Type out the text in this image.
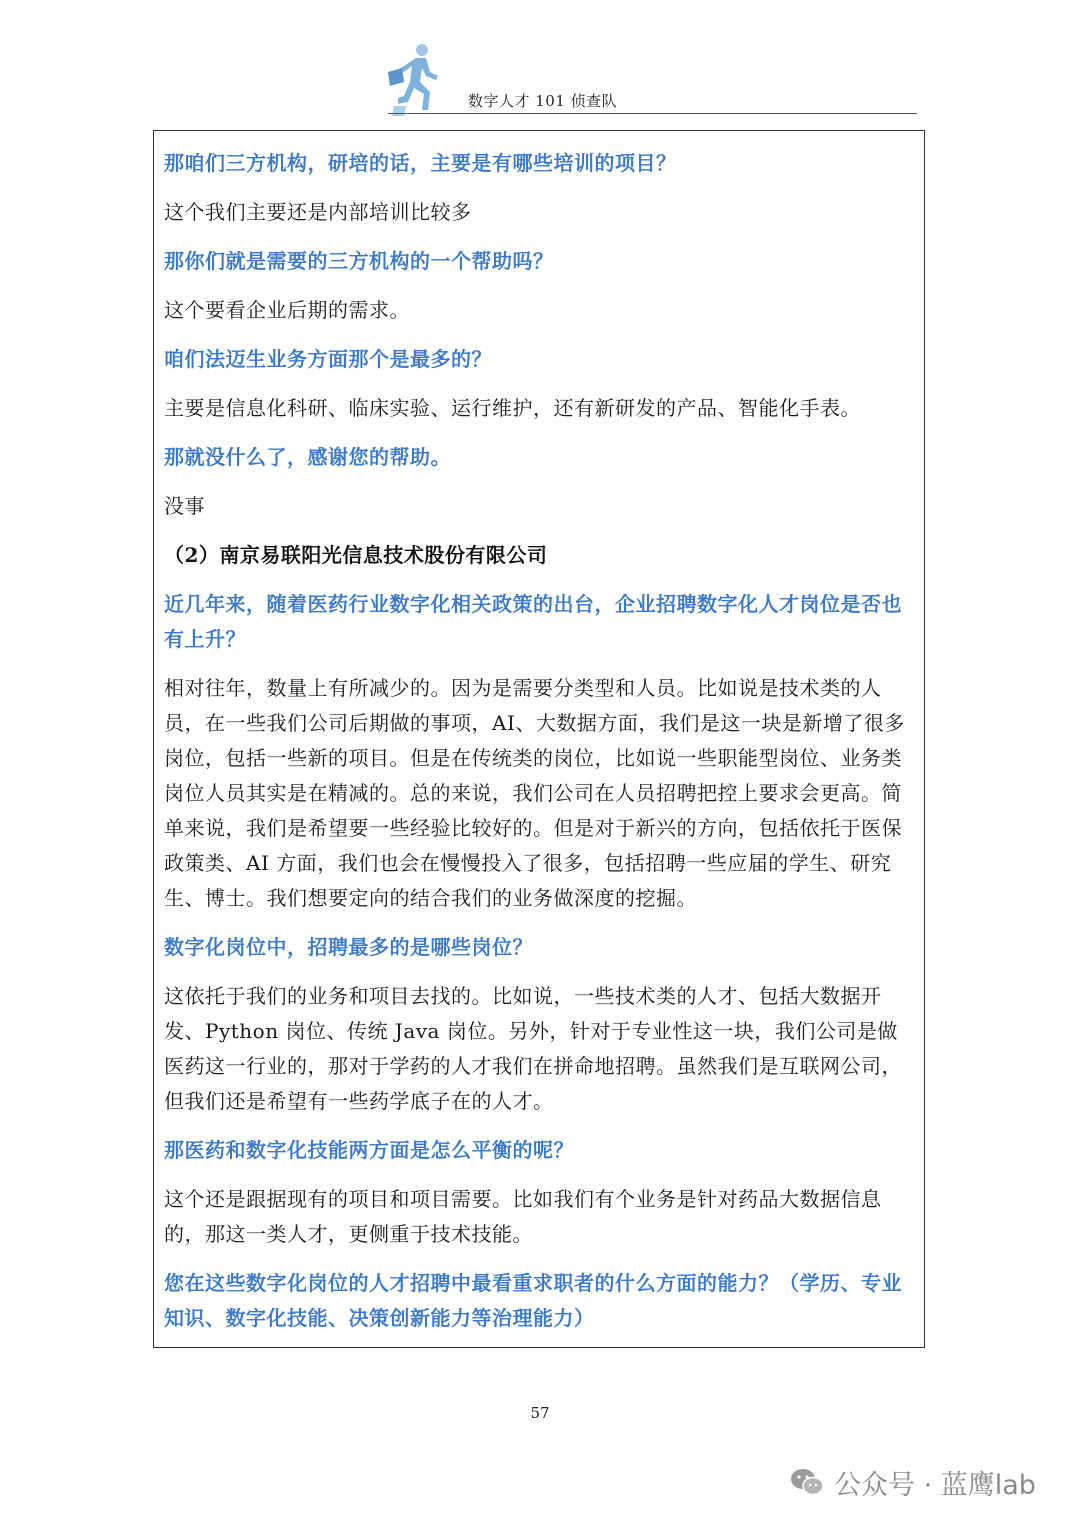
数字人才 101 侦查队

那咱们三方机构，研培的话，主要是有哪些培训的项目？

这个我们主要还是内部培训比较多

那你们就是需要的三方机构的一个帮助吗？

这个要看企业后期的需求。

咱们法迈生业务方面那个是最多的？

主要是信息化科研、临床实验、运行维护，还有新研发的产品、智能化手表。

那就没什么了，感谢您的帮助。

没事

（2）南京易联阳光信息技术股份有限公司

近几年来，随着医药行业数字化相关政策的出台，企业招聘数字化人才岗位是否也有上升？

相对往年，数量上有所减少的。因为是需要分类型和人员。比如说是技术类的人员，在一些我们公司后期做的事项，AI、大数据方面，我们是这一块是新增了很多岗位，包括一些新的项目。但是在传统类的岗位，比如说一些职能型岗位、业务类岗位人员其实是在精减的。总的来说，我们公司在人员招聘把控上要求会更高。简单来说，我们是希望要一些经验比较好的。但是对于新兴的方向，包括依托于医保政策类、AI 方面，我们也会在慢慢投入了很多，包括招聘一些应届的学生、研究生、博士。我们想要定向的结合我们的业务做深度的挖掘。

数字化岗位中，招聘最多的是哪些岗位？

这依托于我们的业务和项目去找的。比如说，一些技术类的人才、包括大数据开发、Python 岗位、传统 Java 岗位。另外，针对于专业性这一块，我们公司是做医药这一行业的，那对于学药的人才我们在拼命地招聘。虽然我们是互联网公司，但我们还是希望有一些药学底子在的人才。

那医药和数字化技能两方面是怎么平衡的呢？

这个还是跟据现有的项目和项目需要。比如我们有个业务是针对药品大数据信息的，那这一类人才，更侧重于技术技能。

您在这些数字化岗位的人才招聘中最看重求职者的什么方面的能力？（学历、专业知识、数字化技能、决策创新能力等治理能力）

57
公众号 · 蓝鹰lab
